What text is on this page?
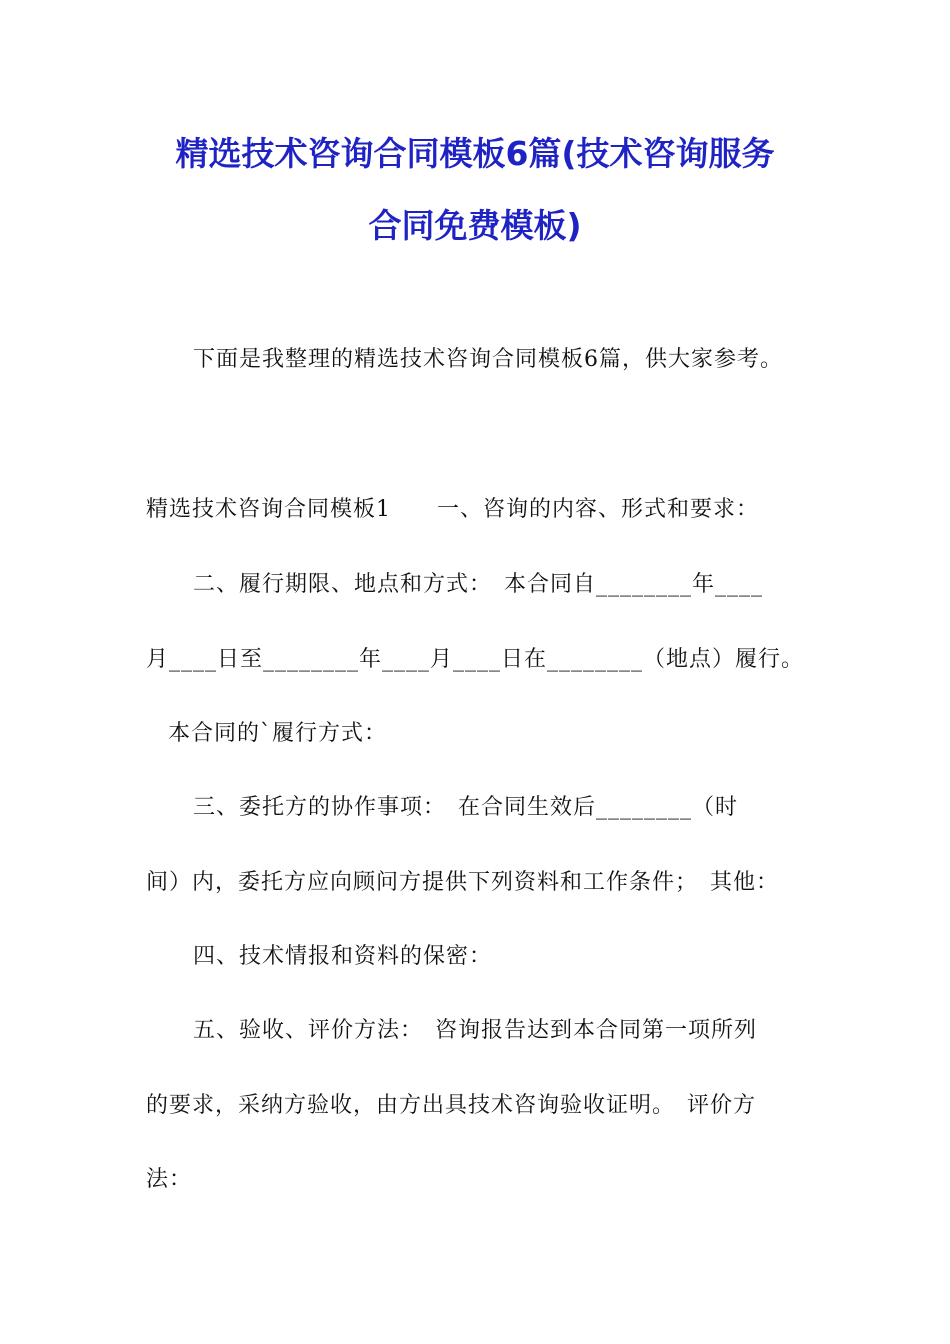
精选技术咨询合同模板6篇(技术咨询服务
合同免费模板)
下面是我整理的精选技术咨询合同模板6篇，供大家参考。
精选技术咨询合同模板1　　一、咨询的内容、形式和要求：
二、履行期限、地点和方式：　本合同自________年____
月____日至________年____月____日在________（地点）履行。
本合同的`履行方式：
三、委托方的协作事项：　在合同生效后________（时
间）内，委托方应向顾问方提供下列资料和工作条件；　其他：
四、技术情报和资料的保密：
五、验收、评价方法：　咨询报告达到本合同第一项所列
的要求，采纳方验收，由方出具技术咨询验收证明。　评价方
法：
